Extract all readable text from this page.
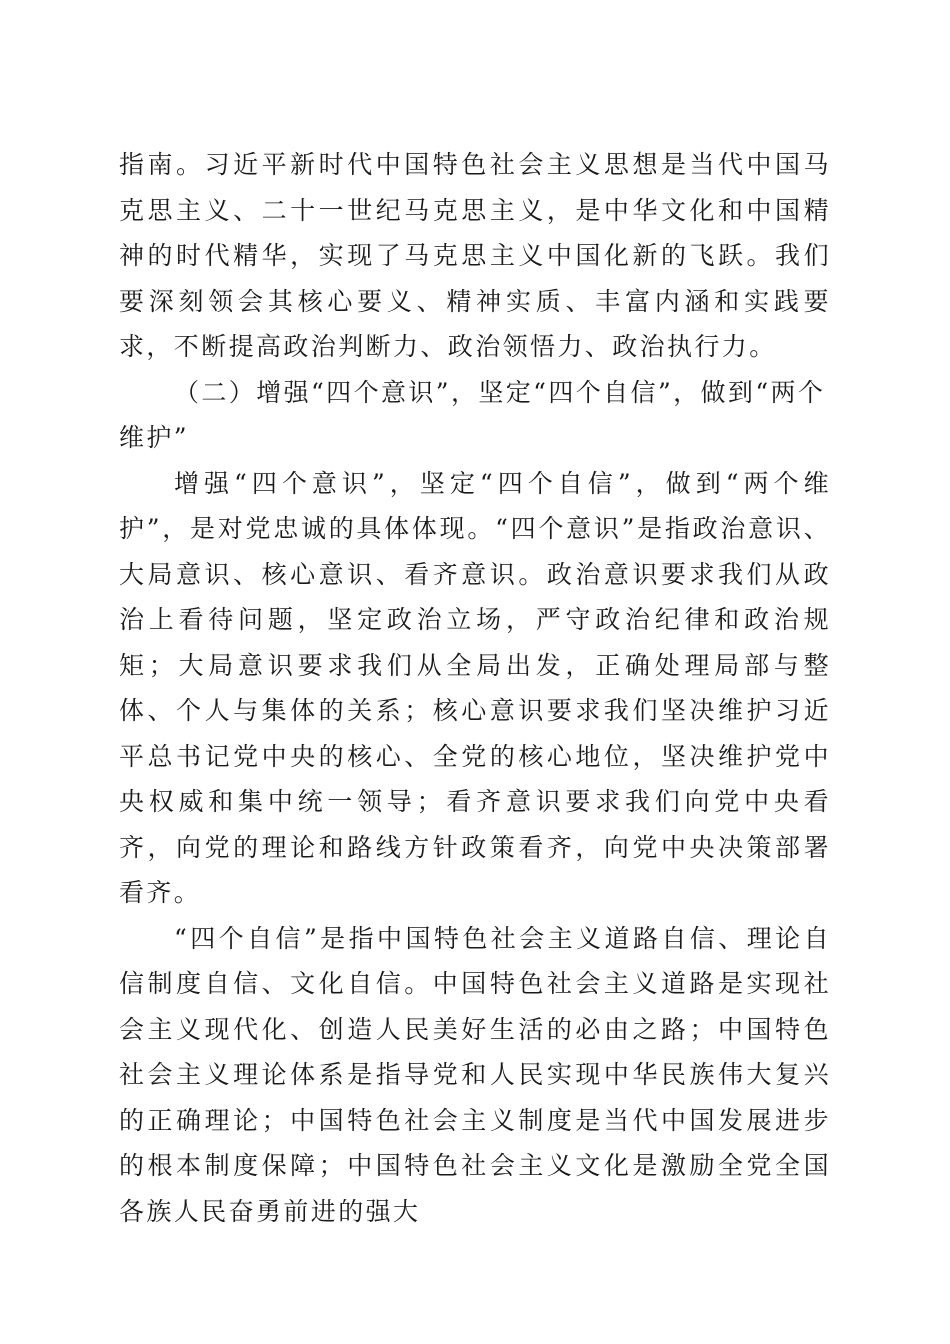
指南。习近平新时代中国特色社会主义思想是当代中国马克思主义、二十一世纪马克思主义，是中华文化和中国精神的时代精华，实现了马克思主义中国化新的飞跃。我们要深刻领会其核心要义、精神实质、丰富内涵和实践要求，不断提高政治判断力、政治领悟力、政治执行力。

（二）增强“四个意识”，坚定“四个自信”，做到“两个维护”

增强“四个意识”，坚定“四个自信”，做到“两个维护”，是对党忠诚的具体体现。“四个意识”是指政治意识、大局意识、核心意识、看齐意识。政治意识要求我们从政治上看待问题，坚定政治立场，严守政治纪律和政治规矩；大局意识要求我们从全局出发，正确处理局部与整体、个人与集体的关系；核心意识要求我们坚决维护习近平总书记党中央的核心、全党的核心地位，坚决维护党中央权威和集中统一领导；看齐意识要求我们向党中央看齐，向党的理论和路线方针政策看齐，向党中央决策部署看齐。

“四个自信”是指中国特色社会主义道路自信、理论自信制度自信、文化自信。中国特色社会主义道路是实现社会主义现代化、创造人民美好生活的必由之路；中国特色社会主义理论体系是指导党和人民实现中华民族伟大复兴的正确理论；中国特色社会主义制度是当代中国发展进步的根本制度保障；中国特色社会主义文化是激励全党全国各族人民奋勇前进的强大
